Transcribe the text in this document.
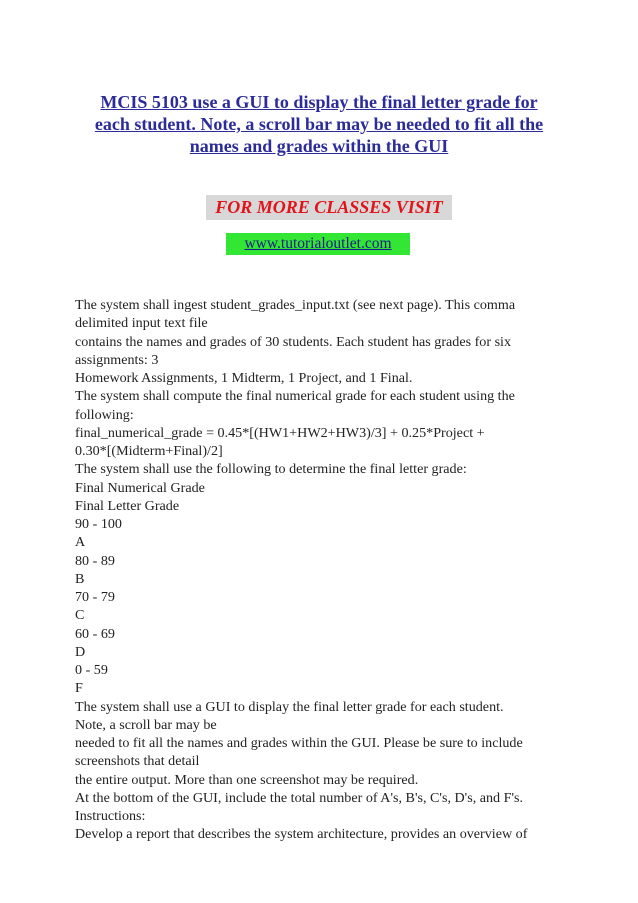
MCIS 5103 use a GUI to display the final letter grade for
each student. Note, a scroll bar may be needed to fit all the
names and grades within the GUI
FOR MORE CLASSES VISIT
www.tutorialoutlet.com
The system shall ingest student_grades_input.txt (see next page). This comma
delimited input text file
contains the names and grades of 30 students. Each student has grades for six
assignments: 3
Homework Assignments, 1 Midterm, 1 Project, and 1 Final.
The system shall compute the final numerical grade for each student using the
following:
final_numerical_grade = 0.45*[(HW1+HW2+HW3)/3] + 0.25*Project +
0.30*[(Midterm+Final)/2]
The system shall use the following to determine the final letter grade:
Final Numerical Grade
Final Letter Grade
90 - 100
A
80 - 89
B
70 - 79
C
60 - 69
D
0 - 59
F
The system shall use a GUI to display the final letter grade for each student.
Note, a scroll bar may be
needed to fit all the names and grades within the GUI. Please be sure to include
screenshots that detail
the entire output. More than one screenshot may be required.
At the bottom of the GUI, include the total number of A's, B's, C's, D's, and F's.
Instructions:
Develop a report that describes the system architecture, provides an overview of
